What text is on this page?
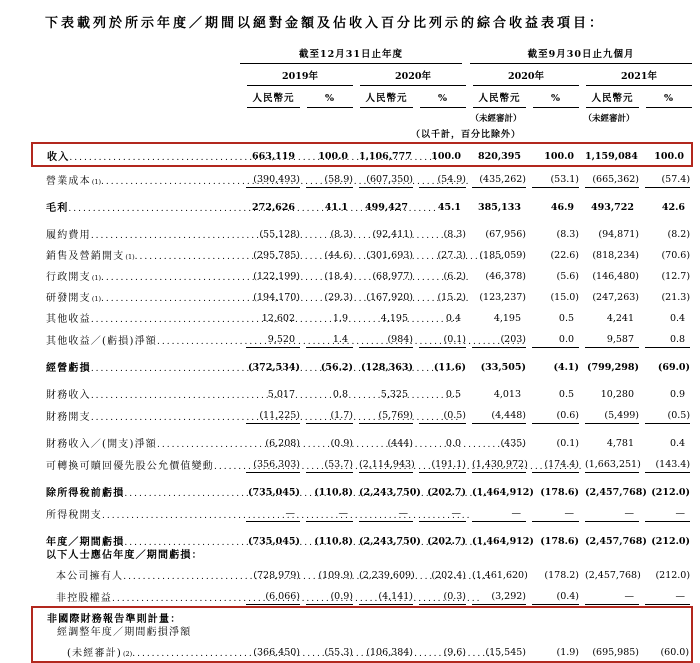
下表載列於所示年度／期間以絕對金額及佔收入百分比列示的綜合收益表項目：

	截至12月31日止年度				截至9月30日止九個月			

	2019年		2020年		2020年		2021年	

	人民幣元	%	人民幣元	%	人民幣元	%	人民幣元	%

					（未經審計）		（未經審計）	
	（以千計，百分比除外）							

收入
.....	663,119	100.0	1,106,777	100.0	820,395	100.0	1,159,084	100.0

營業成本 (1)
.....	(390,493)	(58.9)	(607,350)	(54.9)	(435,262)	(53.1)	(665,362)	(57.4)

毛利
.....	272,626	41.1	499,427	45.1	385,133	46.9	493,722	42.6

履約費用
.....	(55,128)	(8.3)	(92,411)	(8.3)	(67,956)	(8.3)	(94,871)	(8.2)

銷售及營銷開支 (1)
.....	(295,785)	(44.6)	(301,693)	(27.3)	(185,059)	(22.6)	(818,234)	(70.6)

行政開支 (1)
.....	(122,199)	(18.4)	(68,977)	(6.2)	(46,378)	(5.6)	(146,480)	(12.7)

研發開支 (1)
.....	(194,170)	(29.3)	(167,920)	(15.2)	(123,237)	(15.0)	(247,263)	(21.3)

其他收益
.....	12,602	1.9	4,195	0.4	4,195	0.5	4,241	0.4

其他收益／(虧損)淨額
.....	9,520	1.4	(984)	(0.1)	(203)	0.0	9,587	0.8

經營虧損
.....	(372,534)	(56.2)	(128,363)	(11.6)	(33,505)	(4.1)	(799,298)	(69.0)

財務收入
.....	5,017	0.8	5,325	0.5	4,013	0.5	10,280	0.9

財務開支
.....	(11,225)	(1.7)	(5,769)	(0.5)	(4,448)	(0.6)	(5,499)	(0.5)

財務收入／(開支)淨額
.....	(6,208)	(0.9)	(444)	0.0	(435)	(0.1)	4,781	0.4

可轉換可贖回優先股公允價值變動
.....	(356,303)	(53.7)	(2,114,943)	(191.1)	(1,430,972)	(174.4)	(1,663,251)	(143.4)

除所得稅前虧損
.....	(735,045)	(110.8)	(2,243,750)	(202.7)	(1,464,912)	(178.6)	(2,457,768)	(212.0)

所得稅開支
.....	—	—	—	—	—	—	—	—

年度／期間虧損
.....	(735,045)	(110.8)	(2,243,750)	(202.7)	(1,464,912)	(178.6)	(2,457,768)	(212.0)

以下人士應佔年度／期間虧損：								

本公司擁有人
.....	(728,979)	(109.9)	(2,239,609)	(202.4)	(1,461,620)	(178.2)	(2,457,768)	(212.0)

非控股權益
.....	(6,066)	(0.9)	(4,141)	(0.3)	(3,292)	(0.4)	—	—

非國際財務報告準則計量：								

經調整年度／期間虧損淨額								

(未經審計) (2)
.....	(366,450)	(55.3)	(106,384)	(9.6)	(15,545)	(1.9)	(695,985)	(60.0)
